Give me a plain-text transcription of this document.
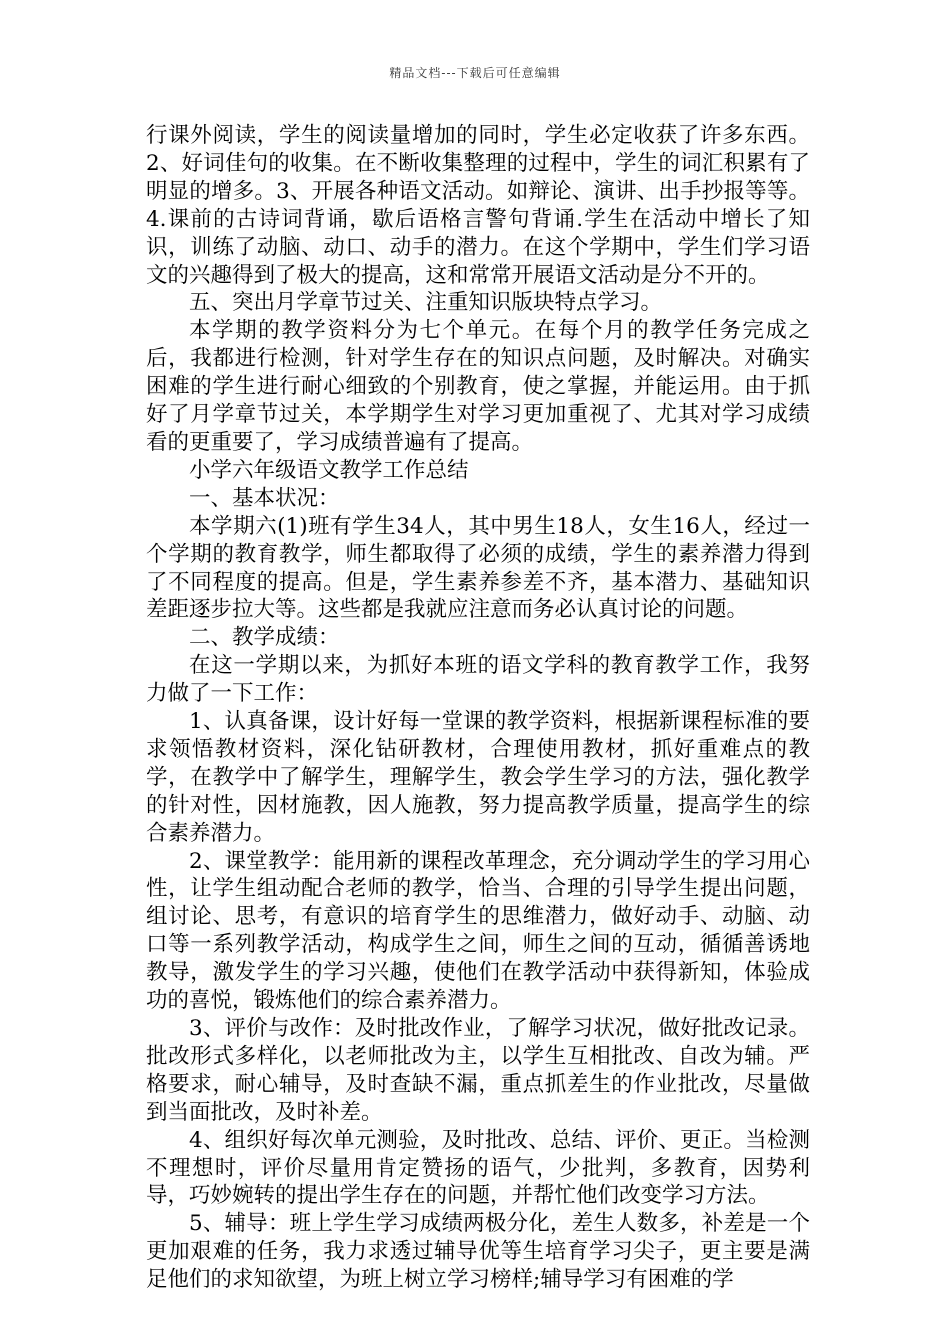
精品文档---下载后可任意编辑

行课外阅读，学生的阅读量增加的同时，学生必定收获了许多东西。2、好词佳句的收集。在不断收集整理的过程中，学生的词汇积累有了明显的增多。3、开展各种语文活动。如辩论、演讲、出手抄报等等。4.课前的古诗词背诵，歇后语格言警句背诵.学生在活动中增长了知识，训练了动脑、动口、动手的潜力。在这个学期中，学生们学习语文的兴趣得到了极大的提高，这和常常开展语文活动是分不开的。

五、突出月学章节过关、注重知识版块特点学习。

本学期的教学资料分为七个单元。在每个月的教学任务完成之后，我都进行检测，针对学生存在的知识点问题，及时解决。对确实困难的学生进行耐心细致的个别教育，使之掌握，并能运用。由于抓好了月学章节过关，本学期学生对学习更加重视了、尤其对学习成绩看的更重要了，学习成绩普遍有了提高。

小学六年级语文教学工作总结

一、基本状况：

本学期六(1)班有学生34人，其中男生18人，女生16人，经过一个学期的教育教学，师生都取得了必须的成绩，学生的素养潜力得到了不同程度的提高。但是，学生素养参差不齐，基本潜力、基础知识差距逐步拉大等。这些都是我就应注意而务必认真讨论的问题。

二、教学成绩：

在这一学期以来，为抓好本班的语文学科的教育教学工作，我努力做了一下工作：

1、认真备课，设计好每一堂课的教学资料，根据新课程标准的要求领悟教材资料，深化钻研教材，合理使用教材，抓好重难点的教学，在教学中了解学生，理解学生，教会学生学习的方法，强化教学的针对性，因材施教，因人施教，努力提高教学质量，提高学生的综合素养潜力。

2、课堂教学：能用新的课程改革理念，充分调动学生的学习用心性，让学生组动配合老师的教学，恰当、合理的引导学生提出问题，组讨论、思考，有意识的培育学生的思维潜力，做好动手、动脑、动口等一系列教学活动，构成学生之间，师生之间的互动，循循善诱地教导，激发学生的学习兴趣，使他们在教学活动中获得新知，体验成功的喜悦，锻炼他们的综合素养潜力。

3、评价与改作：及时批改作业，了解学习状况，做好批改记录。批改形式多样化，以老师批改为主，以学生互相批改、自改为辅。严格要求，耐心辅导，及时查缺不漏，重点抓差生的作业批改，尽量做到当面批改，及时补差。

4、组织好每次单元测验，及时批改、总结、评价、更正。当检测不理想时，评价尽量用肯定赞扬的语气，少批判，多教育，因势利导，巧妙婉转的提出学生存在的问题，并帮忙他们改变学习方法。

5、辅导：班上学生学习成绩两极分化，差生人数多，补差是一个更加艰难的任务，我力求透过辅导优等生培育学习尖子，更主要是满足他们的求知欲望，为班上树立学习榜样;辅导学习有困难的学
